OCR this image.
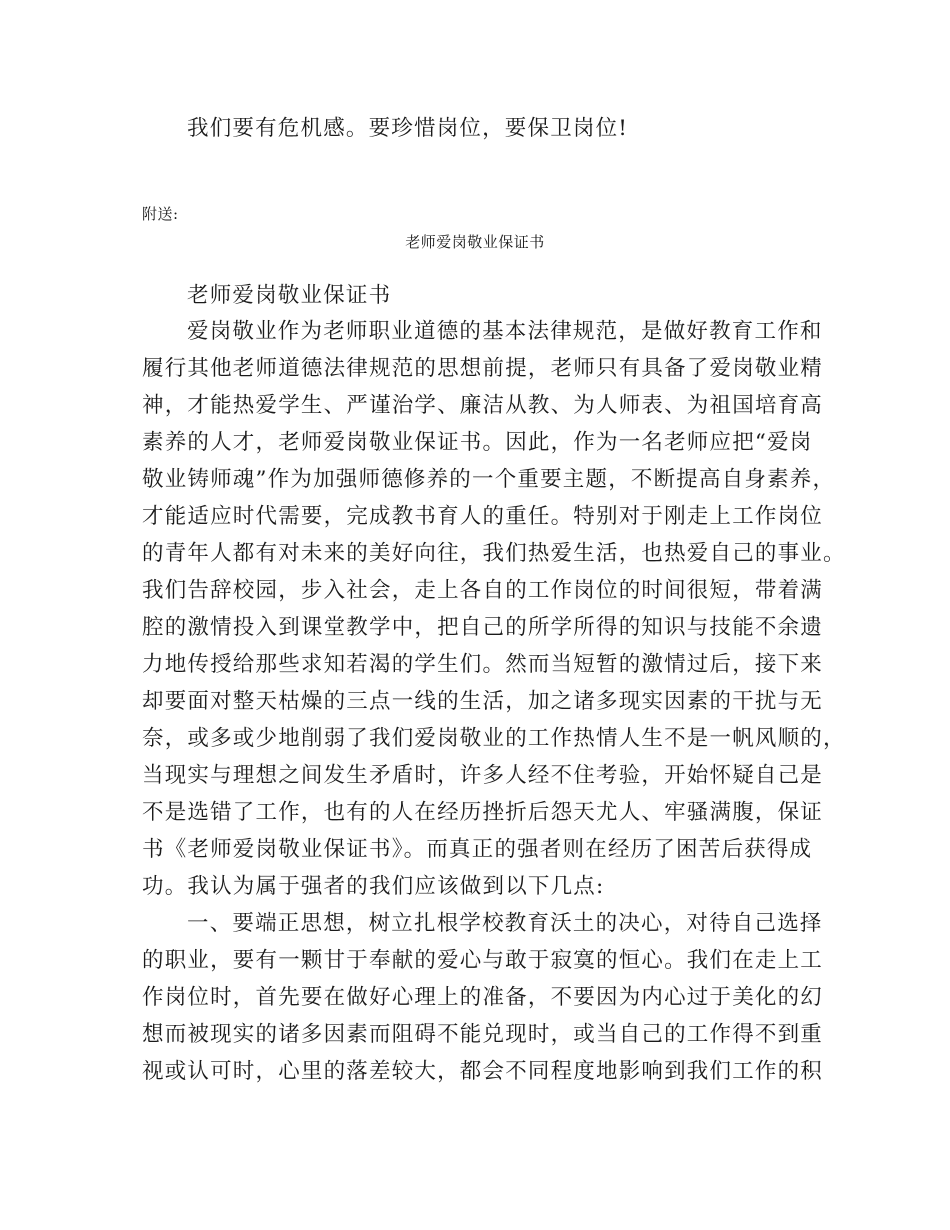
我们要有危机感。要珍惜岗位，要保卫岗位!
附送:
老师爱岗敬业保证书
老师爱岗敬业保证书
爱岗敬业作为老师职业道德的基本法律规范，是做好教育工作和
履行其他老师道德法律规范的思想前提，老师只有具备了爱岗敬业精
神，才能热爱学生、严谨治学、廉洁从教、为人师表、为祖国培育高
素养的人才，老师爱岗敬业保证书。因此，作为一名老师应把“爱岗
敬业铸师魂”作为加强师德修养的一个重要主题，不断提高自身素养，
才能适应时代需要，完成教书育人的重任。特别对于刚走上工作岗位
的青年人都有对未来的美好向往，我们热爱生活，也热爱自己的事业。
我们告辞校园，步入社会，走上各自的工作岗位的时间很短，带着满
腔的激情投入到课堂教学中，把自己的所学所得的知识与技能不余遗
力地传授给那些求知若渴的学生们。然而当短暂的激情过后，接下来
却要面对整天枯燥的三点一线的生活，加之诸多现实因素的干扰与无
奈，或多或少地削弱了我们爱岗敬业的工作热情人生不是一帆风顺的，
当现实与理想之间发生矛盾时，许多人经不住考验，开始怀疑自己是
不是选错了工作，也有的人在经历挫折后怨天尤人、牢骚满腹，保证
书《老师爱岗敬业保证书》。而真正的强者则在经历了困苦后获得成
功。我认为属于强者的我们应该做到以下几点:
一、要端正思想，树立扎根学校教育沃土的决心，对待自己选择
的职业，要有一颗甘于奉献的爱心与敢于寂寞的恒心。我们在走上工
作岗位时，首先要在做好心理上的准备，不要因为内心过于美化的幻
想而被现实的诸多因素而阻碍不能兑现时，或当自己的工作得不到重
视或认可时，心里的落差较大，都会不同程度地影响到我们工作的积
